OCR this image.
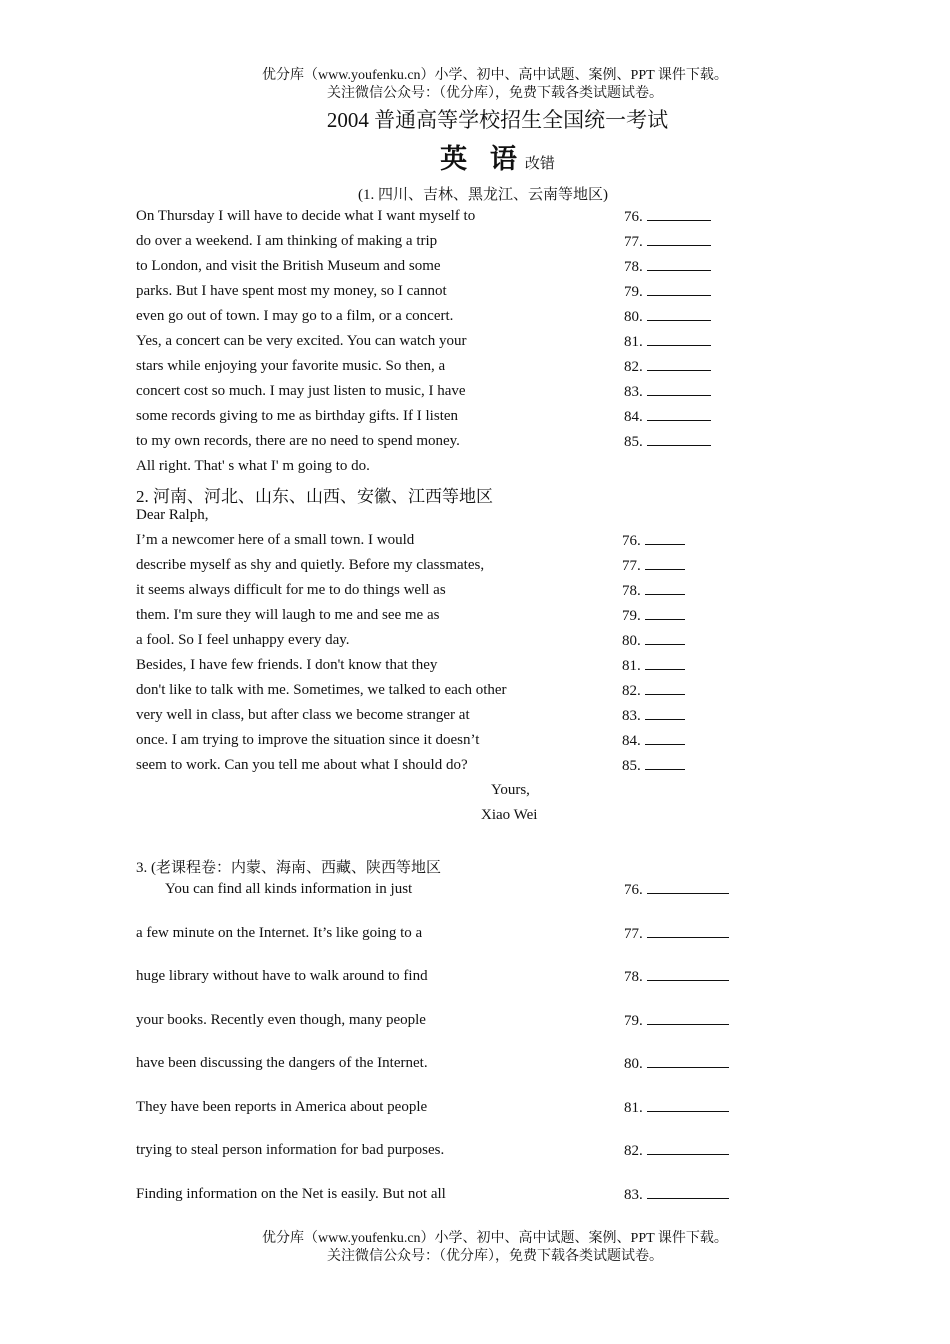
优分库（www.youfenku.cn）小学、初中、高中试题、案例、PPT 课件下载。
关注微信公众号：（优分库），免费下载各类试题试卷。
2004 普通高等学校招生全国统一考试
英 语改错
(1. 四川、吉林、黑龙江、云南等地区)
On Thursday I will have to decide what I want myself to
do over a weekend. I am thinking of making a trip
to London, and visit the British Museum and some
parks. But I have spent most my money, so I cannot
even go out of town. I may go to a film, or a concert.
Yes, a concert can be very excited. You can watch your
stars while enjoying your favorite music. So then, a
concert cost so much. I may just listen to music, I have
some records giving to me as birthday gifts. If I listen
to my own records, there are no need to spend money.
All right. That' s what I' m going to do.
76.
77.
78.
79.
80.
81.
82.
83.
84.
85.
2. 河南、河北、山东、山西、安徽、江西等地区
Dear Ralph,
I’m a newcomer here of a small town. I would
describe myself as shy and quietly. Before my classmates,
it seems always difficult for me to do things well as
them. I'm sure they will laugh to me and see me as
a fool. So I feel unhappy every day.
Besides, I have few friends. I don't know that they
don't like to talk with me. Sometimes, we talked to each other
very well in class, but after class we become stranger at
once. I am trying to improve the situation since it doesn’t
seem to work. Can you tell me about what I should do?
76.
77.
78.
79.
80.
81.
82.
83.
84.
85.
Yours,
Xiao Wei
3. (老课程卷：内蒙、海南、西藏、陕西等地区
You can find all kinds information in just
a few minute on the Internet. It’s like going to a
huge library without have to walk around to find
your books. Recently even though, many people
have been discussing the dangers of the Internet.
They have been reports in America about people
trying to steal person information for bad purposes.
Finding information on the Net is easily. But not all
76.
77.
78.
79.
80.
81.
82.
83.
优分库（www.youfenku.cn）小学、初中、高中试题、案例、PPT 课件下载。
关注微信公众号：（优分库），免费下载各类试题试卷。
